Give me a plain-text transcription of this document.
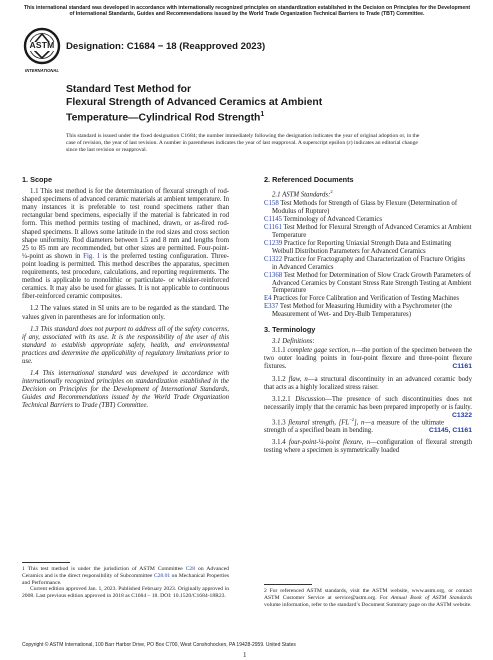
This international standard was developed in accordance with internationally recognized principles on standardization established in the Decision on Principles for the Development of International Standards, Guides and Recommendations issued by the World Trade Organization Technical Barriers to Trade (TBT) Committee.
ASTM
INTERNATIONAL
Designation: C1684 − 18 (Reapproved 2023)
Standard Test Method for
Flexural Strength of Advanced Ceramics at Ambient
Temperature—Cylindrical Rod Strength$^1$
This standard is issued under the fixed designation C1684; the number immediately following the designation indicates the year of original adoption or, in the case of revision, the year of last revision. A number in parentheses indicates the year of last reapproval. A superscript epsilon (ε) indicates an editorial change since the last revision or reapproval.
1. Scope

1.1 This test method is for the determination of flexural strength of rod-shaped specimens of advanced ceramic materials at ambient temperature. In many instances it is preferable to test round specimens rather than rectangular bend specimens, especially if the material is fabricated in rod form. This method permits testing of machined, drawn, or as-fired rod-shaped specimens. It allows some latitude in the rod sizes and cross section shape uniformity. Rod diameters between 1.5 and 8 mm and lengths from 25 to 85 mm are recommended, but other sizes are permitted. Four-point-¼-point as shown in Fig. 1 is the preferred testing configuration. Three-point loading is permitted. This method describes the apparatus, specimen requirements, test procedure, calculations, and reporting requirements. The method is applicable to monolithic or particulate- or whisker-reinforced ceramics. It may also be used for glasses. It is not applicable to continuous fiber-reinforced ceramic composites.

1.2 The values stated in SI units are to be regarded as the standard. The values given in parentheses are for information only.

1.3 This standard does not purport to address all of the safety concerns, if any, associated with its use. It is the responsibility of the user of this standard to establish appropriate safety, health, and environmental practices and determine the applicability of regulatory limitations prior to use.

1.4 This international standard was developed in accordance with internationally recognized principles on standardization established in the Decision on Principles for the Development of International Standards, Guides and Recommendations issued by the World Trade Organization Technical Barriers to Trade (TBT) Committee.

1 This test method is under the jurisdiction of ASTM Committee C28 on Advanced Ceramics and is the direct responsibility of Subcommittee C28.01 on Mechanical Properties and Performance.
Current edition approved Jan. 1, 2023. Published February 2023. Originally approved in 2008. Last previous edition approved in 2018 as C1684 – 18. DOI: 10.1520/C1684-18R23.
2. Referenced Documents

2.1 ASTM Standards:$^2$

C158 Test Methods for Strength of Glass by Flexure (Determination of Modulus of Rupture)

C1145 Terminology of Advanced Ceramics

C1161 Test Method for Flexural Strength of Advanced Ceramics at Ambient Temperature

C1239 Practice for Reporting Uniaxial Strength Data and Estimating Weibull Distribution Parameters for Advanced Ceramics

C1322 Practice for Fractography and Characterization of Fracture Origins in Advanced Ceramics

C1368 Test Method for Determination of Slow Crack Growth Parameters of Advanced Ceramics by Constant Stress Rate Strength Testing at Ambient Temperature

E4 Practices for Force Calibration and Verification of Testing Machines

E337 Test Method for Measuring Humidity with a Psychrometer (the Measurement of Wet- and Dry-Bulb Temperatures)

3. Terminology

3.1 Definitions:

3.1.1 complete gage section, n—the portion of the specimen between the two outer loading points in four-point flexure and three-point flexure fixtures.	C1161

3.1.2 flaw, n—a structural discontinuity in an advanced ceramic body that acts as a highly localized stress raiser.

3.1.2.1 Discussion—The presence of such discontinuities does not necessarily imply that the ceramic has been prepared improperly or is faulty.
C1322

3.1.3 flexural strength, $[FL^{-2}]$, n—a measure of the ultimate strength of a specified beam in bending.	C1145, C1161

3.1.4 four-point-¼-point flexure, n—configuration of flexural strength testing where a specimen is symmetrically loaded

2 For referenced ASTM standards, visit the ASTM website, www.astm.org, or contact ASTM Customer Service at service@astm.org. For Annual Book of ASTM Standards volume information, refer to the standard’s Document Summary page on the ASTM website.
Copyright © ASTM International, 100 Barr Harbor Drive, PO Box C700, West Conshohocken, PA 19428-2959. United States
1
